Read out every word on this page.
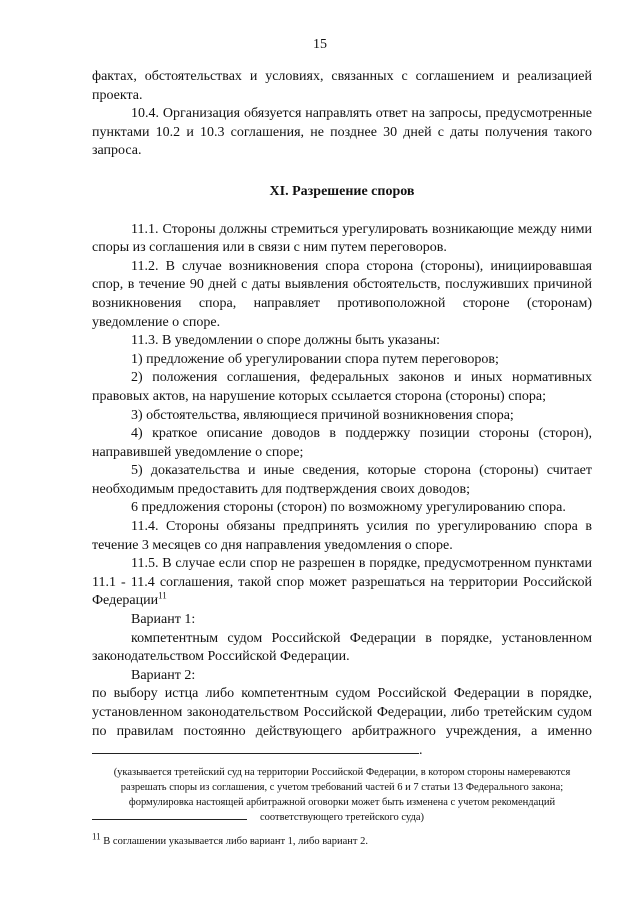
15

фактах, обстоятельствах и условиях, связанных с соглашением и реализацией проекта.

10.4. Организация обязуется направлять ответ на запросы, предусмотренные пунктами 10.2 и 10.3 соглашения, не позднее 30 дней с даты получения такого запроса.

XI. Разрешение споров

11.1. Стороны должны стремиться урегулировать возникающие между ними споры из соглашения или в связи с ним путем переговоров.

11.2. В случае возникновения спора сторона (стороны), инициировавшая спор, в течение 90 дней с даты выявления обстоятельств, послуживших причиной возникновения спора, направляет противоположной стороне (сторонам) уведомление о споре.

11.3. В уведомлении о споре должны быть указаны:

1) предложение об урегулировании спора путем переговоров;

2) положения соглашения, федеральных законов и иных нормативных правовых актов, на нарушение которых ссылается сторона (стороны) спора;

3) обстоятельства, являющиеся причиной возникновения спора;

4) краткое описание доводов в поддержку позиции стороны (сторон), направившей уведомление о споре;

5) доказательства и иные сведения, которые сторона (стороны) считает необходимым предоставить для подтверждения своих доводов;

6 предложения стороны (сторон) по возможному урегулированию спора.

11.4. Стороны обязаны предпринять усилия по урегулированию спора в течение 3 месяцев со дня направления уведомления о споре.

11.5. В случае если спор не разрешен в порядке, предусмотренном пунктами 11.1 - 11.4 соглашения, такой спор может разрешаться на территории Российской Федерации$^{11}$

Вариант 1:

компетентным судом Российской Федерации в порядке, установленном законодательством Российской Федерации.

Вариант 2:

по выбору истца либо компетентным судом Российской Федерации в порядке, установленном законодательством Российской Федерации, либо третейским судом по правилам постоянно действующего арбитражного учреждения, а именно .

(указывается третейский суд на территории Российской Федерации, в котором стороны намереваются разрешать споры из соглашения, с учетом требований частей 6 и 7 статьи 13 Федерального закона; формулировка настоящей арбитражной оговорки может быть изменена с учетом рекомендаций соответствующего третейского суда)

$^{11}$ В соглашении указывается либо вариант 1, либо вариант 2.
